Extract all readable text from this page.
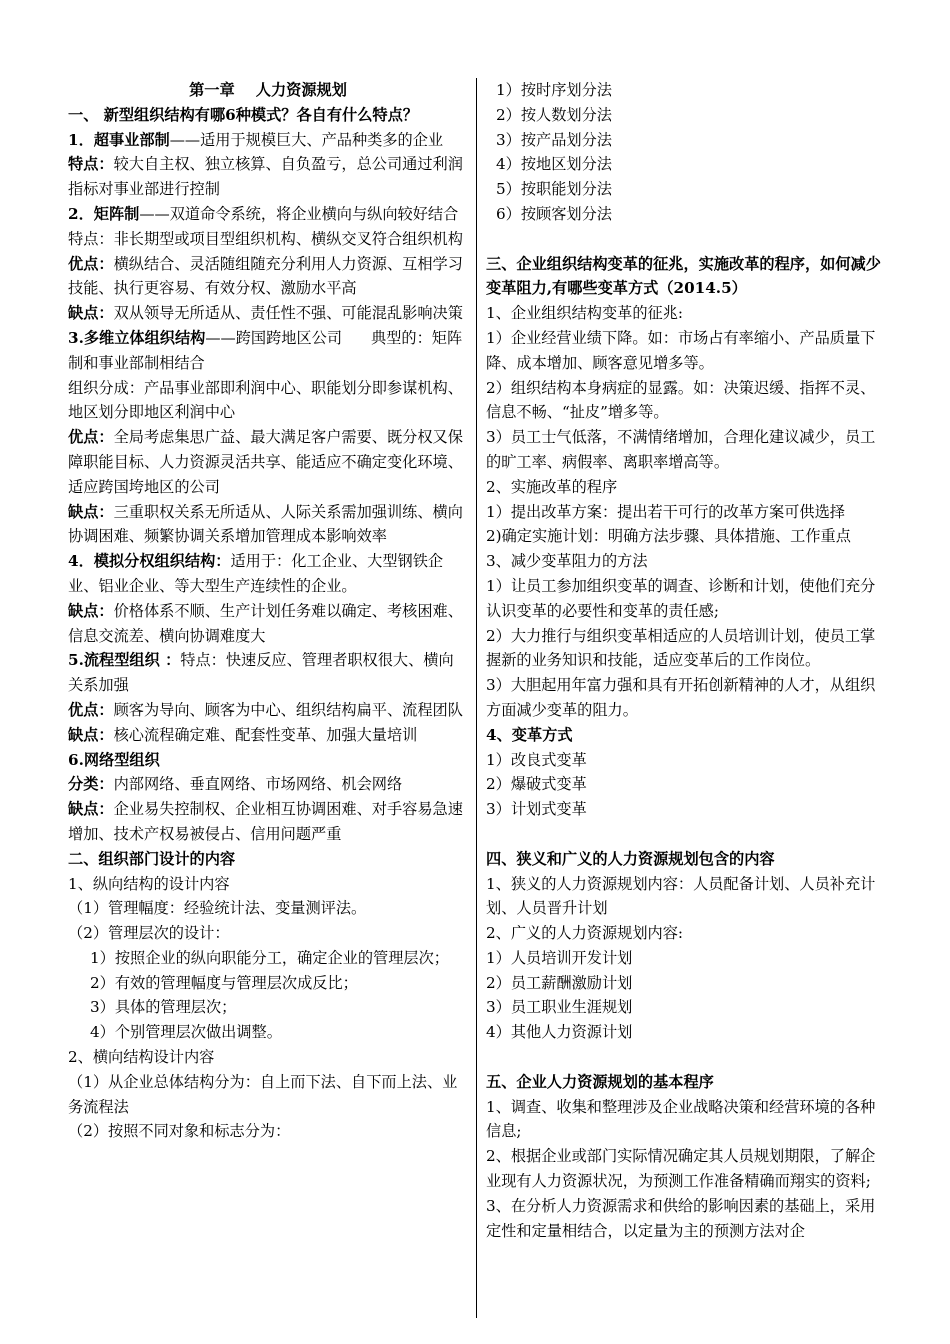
第一章    人力资源规划
一、 新型组织结构有哪6种模式？各自有什么特点？
1．超事业部制——适用于规模巨大、产品种类多的企业
特点：较大自主权、独立核算、自负盈亏，总公司通过利润指标对事业部进行控制
2．矩阵制——双道命令系统，将企业横向与纵向较好结合
特点：非长期型或项目型组织机构、横纵交叉符合组织机构
优点：横纵结合、灵活随组随充分利用人力资源、互相学习技能、执行更容易、有效分权、激励水平高
缺点：双从领导无所适从、责任性不强、可能混乱影响决策
3.多维立体组织结构——跨国跨地区公司      典型的：矩阵制和事业部制相结合
组织分成：产品事业部即利润中心、职能划分即参谋机构、地区划分即地区利润中心
优点：全局考虑集思广益、最大满足客户需要、既分权又保障职能目标、人力资源灵活共享、能适应不确定变化环境、适应跨国垮地区的公司
缺点：三重职权关系无所适从、人际关系需加强训练、横向协调困难、频繁协调关系增加管理成本影响效率
4．模拟分权组织结构：适用于：化工企业、大型钢铁企业、铝业企业、等大型生产连续性的企业。
缺点：价格体系不顺、生产计划任务难以确定、考核困难、信息交流差、横向协调难度大
5.流程型组织 ：特点：快速反应、管理者职权很大、横向关系加强
优点：顾客为导向、顾客为中心、组织结构扁平、流程团队
缺点：核心流程确定难、配套性变革、加强大量培训
6.网络型组织
分类：内部网络、垂直网络、市场网络、机会网络
缺点：企业易失控制权、企业相互协调困难、对手容易急速增加、技术产权易被侵占、信用问题严重
二、组织部门设计的内容
1、纵向结构的设计内容
（1）管理幅度：经验统计法、变量测评法。
（2）管理层次的设计：
1）按照企业的纵向职能分工，确定企业的管理层次；
2）有效的管理幅度与管理层次成反比；
3）具体的管理层次；
4）个别管理层次做出调整。
2、横向结构设计内容
（1）从企业总体结构分为：自上而下法、自下而上法、业务流程法
（2）按照不同对象和标志分为：
1）按时序划分法
2）按人数划分法
3）按产品划分法
4）按地区划分法
5）按职能划分法
6）按顾客划分法
三、企业组织结构变革的征兆，实施改革的程序，如何减少变革阻力,有哪些变革方式（2014.5）
1、企业组织结构变革的征兆:
1）企业经营业绩下降。如：市场占有率缩小、产品质量下降、成本增加、顾客意见增多等。
2）组织结构本身病症的显露。如：决策迟缓、指挥不灵、信息不畅、“扯皮”增多等。
3）员工士气低落，不满情绪增加，合理化建议减少，员工的旷工率、病假率、离职率增高等。
2、实施改革的程序
1）提出改革方案：提出若干可行的改革方案可供选择
2)确定实施计划：明确方法步骤、具体措施、工作重点
3、减少变革阻力的方法
1）让员工参加组织变革的调查、诊断和计划，使他们充分认识变革的必要性和变革的责任感;
2）大力推行与组织变革相适应的人员培训计划，使员工掌握新的业务知识和技能，适应变革后的工作岗位。
3）大胆起用年富力强和具有开拓创新精神的人才，从组织方面减少变革的阻力。
4、变革方式
1）改良式变革
2）爆破式变革
3）计划式变革
四、狭义和广义的人力资源规划包含的内容
1、狭义的人力资源规划内容：人员配备计划、人员补充计划、人员晋升计划
2、广义的人力资源规划内容:
1）人员培训开发计划
2）员工薪酬激励计划
3）员工职业生涯规划
4）其他人力资源计划
五、企业人力资源规划的基本程序
1、调查、收集和整理涉及企业战略决策和经营环境的各种信息;
2、根据企业或部门实际情况确定其人员规划期限，了解企业现有人力资源状况，为预测工作准备精确而翔实的资料;
3、在分析人力资源需求和供给的影响因素的基础上，采用定性和定量相结合，以定量为主的预测方法对企
